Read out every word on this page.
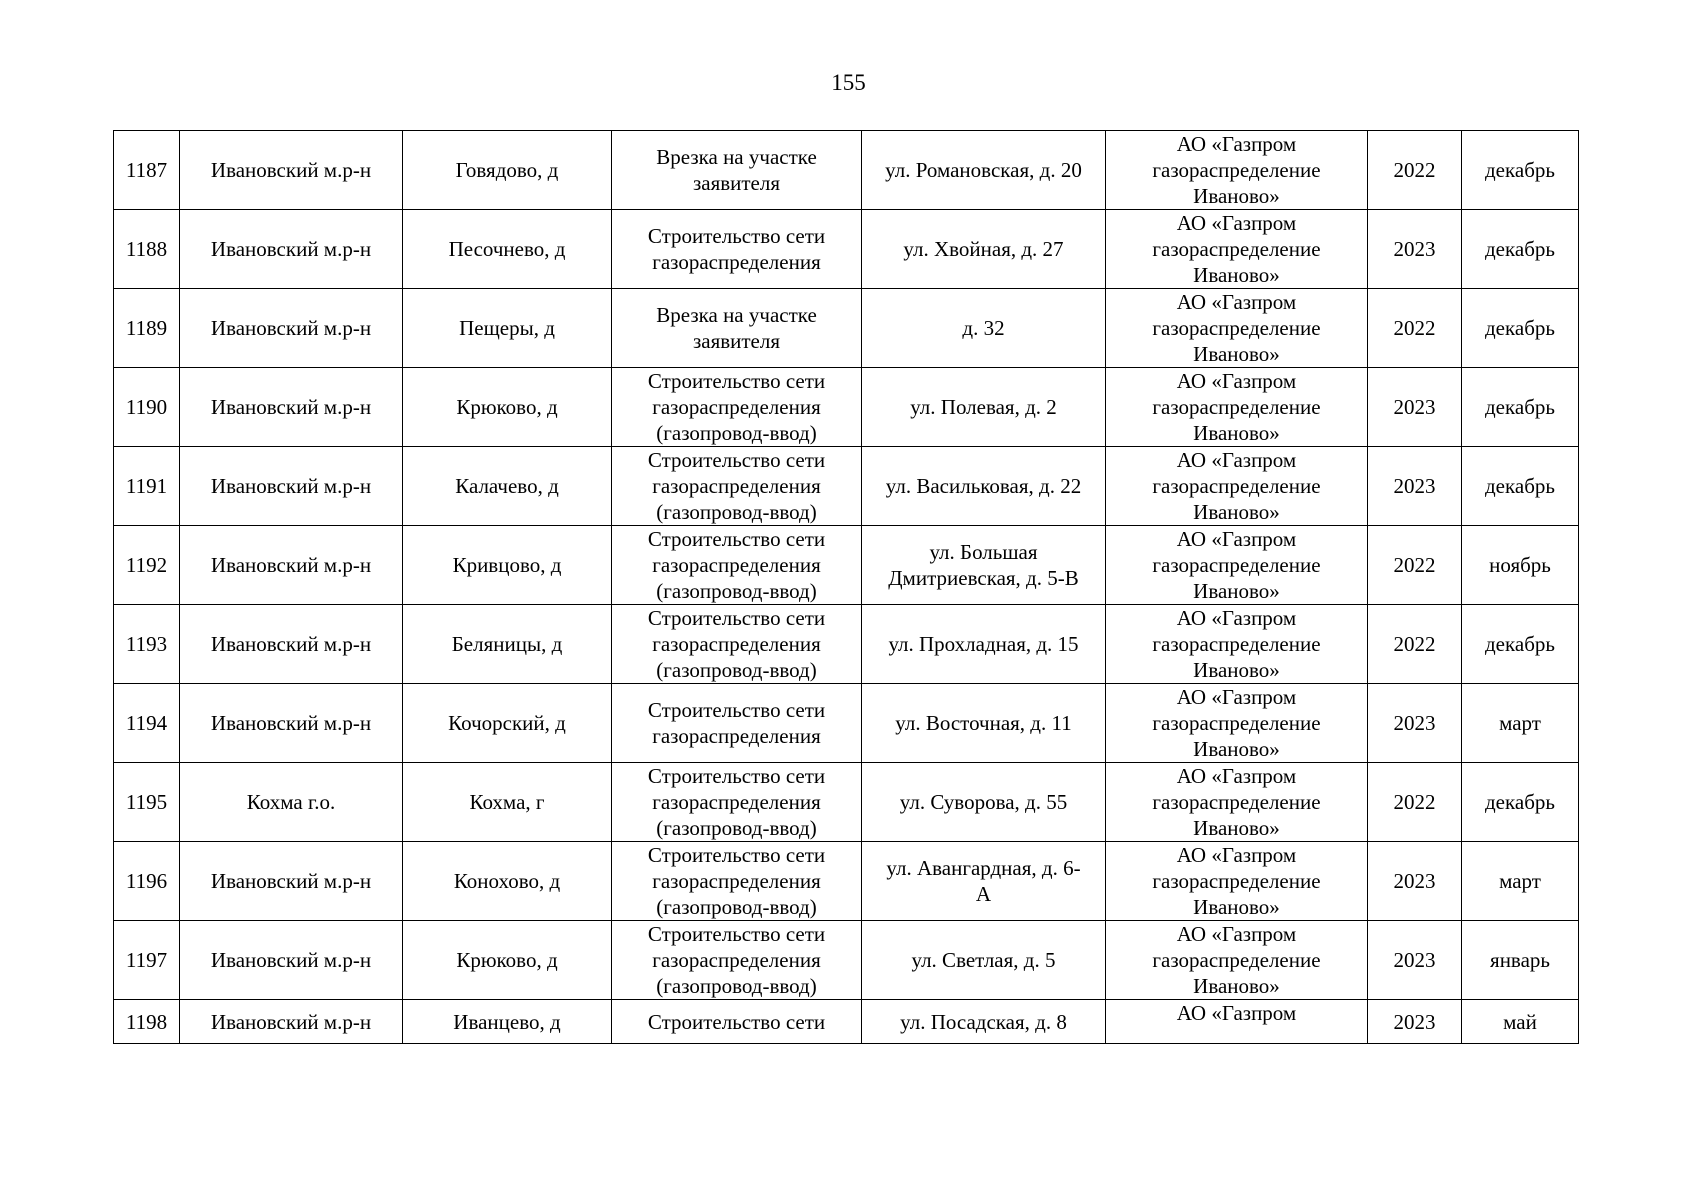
155
1187	Ивановский м.р-н	Говядово, д	Врезка на участке
заявителя	ул. Романовская, д. 20	АО «Газпром
газораспределение
Иваново»	2022	декабрь

1188	Ивановский м.р-н	Песочнево, д	Строительство сети
газораспределения	ул. Хвойная, д. 27	АО «Газпром
газораспределение
Иваново»	2023	декабрь

1189	Ивановский м.р-н	Пещеры, д	Врезка на участке
заявителя	д. 32	АО «Газпром
газораспределение
Иваново»	2022	декабрь

1190	Ивановский м.р-н	Крюково, д	Строительство сети
газораспределения
(газопровод-ввод)	ул. Полевая, д. 2	АО «Газпром
газораспределение
Иваново»	2023	декабрь

1191	Ивановский м.р-н	Калачево, д	Строительство сети
газораспределения
(газопровод-ввод)	ул. Васильковая, д. 22	АО «Газпром
газораспределение
Иваново»	2023	декабрь

1192	Ивановский м.р-н	Кривцово, д	Строительство сети
газораспределения
(газопровод-ввод)	ул. Большая
Дмитриевская, д. 5-В	АО «Газпром
газораспределение
Иваново»	2022	ноябрь

1193	Ивановский м.р-н	Беляницы, д	Строительство сети
газораспределения
(газопровод-ввод)	ул. Прохладная, д. 15	АО «Газпром
газораспределение
Иваново»	2022	декабрь

1194	Ивановский м.р-н	Кочорский, д	Строительство сети
газораспределения	ул. Восточная, д. 11	АО «Газпром
газораспределение
Иваново»	2023	март

1195	Кохма г.о.	Кохма, г	Строительство сети
газораспределения
(газопровод-ввод)	ул. Суворова, д. 55	АО «Газпром
газораспределение
Иваново»	2022	декабрь

1196	Ивановский м.р-н	Конохово, д	Строительство сети
газораспределения
(газопровод-ввод)	ул. Авангардная, д. 6-
А	АО «Газпром
газораспределение
Иваново»	2023	март

1197	Ивановский м.р-н	Крюково, д	Строительство сети
газораспределения
(газопровод-ввод)	ул. Светлая, д. 5	АО «Газпром
газораспределение
Иваново»	2023	январь

1198	Ивановский м.р-н	Иванцево, д	Строительство сети	ул. Посадская, д. 8	АО «Газпром	2023	май
